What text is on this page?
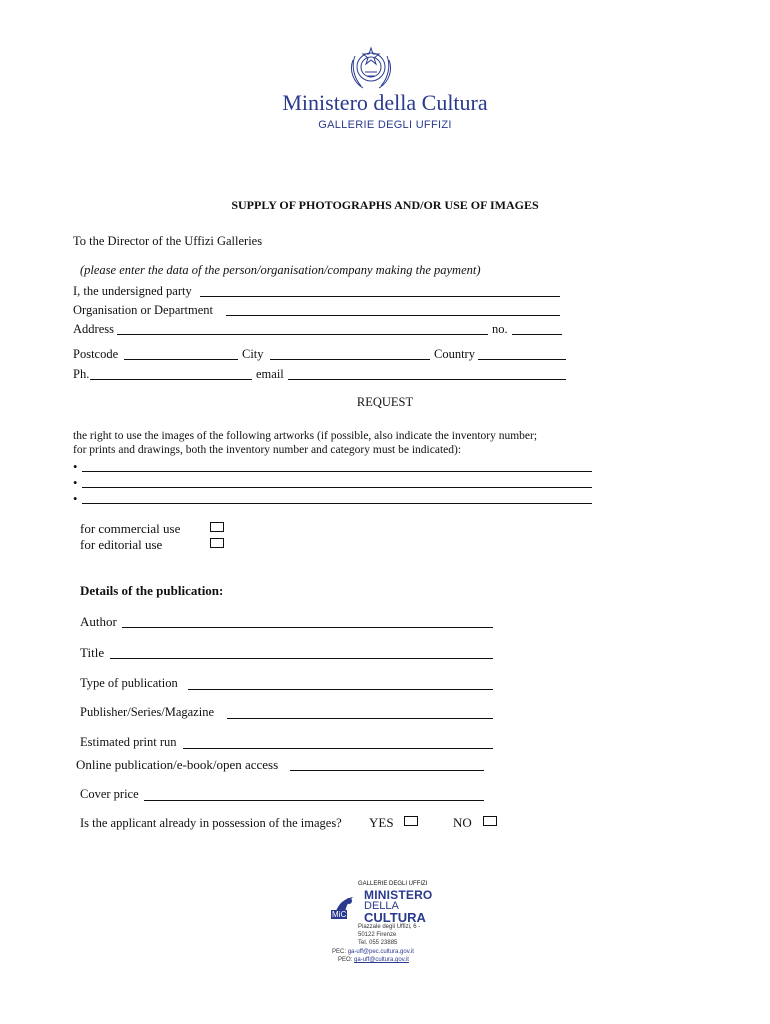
Ministero della Cultura
GALLERIE DEGLI UFFIZI
SUPPLY OF PHOTOGRAPHS AND/OR USE OF IMAGES
To the Director of the Uffizi Galleries
(please enter the data of the person/organisation/company making the payment)
I, the undersigned party
Organisation or Department
Address	no.
Postcode	City	Country
Ph.	email
REQUEST
the right to use the images of the following artworks (if possible, also indicate the inventory number;
for prints and drawings, both the inventory number and category must be indicated):
•
•
•
for commercial use
for editorial use
Details of the publication:
Author
Title
Type of publication
Publisher/Series/Magazine
Estimated print run
Online publication/e-book/open access
Cover price
Is the applicant already in possession of the images? YES	NO
GALLERIE DEGLI UFFIZI
MiC
MINISTERO
DELLA
CULTURA
Piazzale degli Uffizi, 6 -
50122 Firenze
Tel. 055 23885
PEC: ga-uff@pec.cultura.gov.it
PEO: ga-uff@cultura.gov.it
